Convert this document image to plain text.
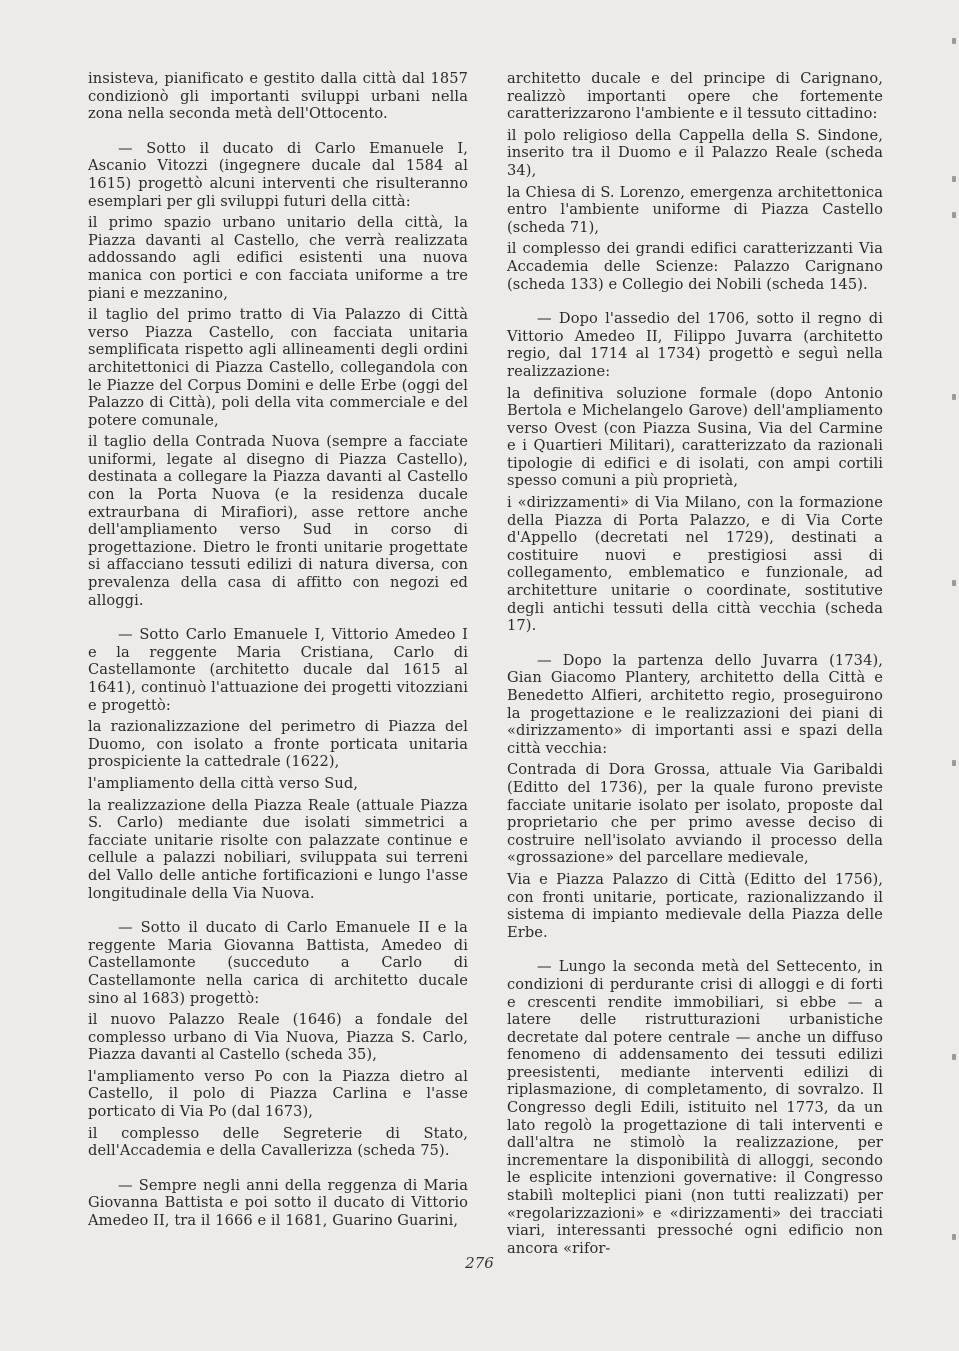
insisteva, pianificato e gestito dalla città dal 1857 condizionò gli importanti sviluppi urbani nella zona nella seconda metà dell'Ottocento.

— Sotto il ducato di Carlo Emanuele I, Ascanio Vitozzi (ingegnere ducale dal 1584 al 1615) progettò alcuni interventi che risulteranno esemplari per gli sviluppi futuri della città:

il primo spazio urbano unitario della città, la Piazza davanti al Castello, che verrà realizzata addossando agli edifici esistenti una nuova manica con portici e con facciata uniforme a tre piani e mezzanino,

il taglio del primo tratto di Via Palazzo di Città verso Piazza Castello, con facciata unitaria semplificata rispetto agli allineamenti degli ordini architettonici di Piazza Castello, collegandola con le Piazze del Corpus Domini e delle Erbe (oggi del Palazzo di Città), poli della vita commerciale e del potere comunale,

il taglio della Contrada Nuova (sempre a facciate uniformi, legate al disegno di Piazza Castello), destinata a collegare la Piazza davanti al Castello con la Porta Nuova (e la residenza ducale extraurbana di Mirafiori), asse rettore anche dell'ampliamento verso Sud in corso di progettazione. Dietro le fronti unitarie progettate si affacciano tessuti edilizi di natura diversa, con prevalenza della casa di affitto con negozi ed alloggi.

— Sotto Carlo Emanuele I, Vittorio Amedeo I e la reggente Maria Cristiana, Carlo di Castellamonte (architetto ducale dal 1615 al 1641), continuò l'attuazione dei progetti vitozziani e progettò:

la razionalizzazione del perimetro di Piazza del Duomo, con isolato a fronte porticata unitaria prospiciente la cattedrale (1622),

l'ampliamento della città verso Sud,

la realizzazione della Piazza Reale (attuale Piazza S. Carlo) mediante due isolati simmetrici a facciate unitarie risolte con palazzate continue e cellule a palazzi nobiliari, sviluppata sui terreni del Vallo delle antiche fortificazioni e lungo l'asse longitudinale della Via Nuova.

— Sotto il ducato di Carlo Emanuele II e la reggente Maria Giovanna Battista, Amedeo di Castellamonte (succeduto a Carlo di Castellamonte nella carica di architetto ducale sino al 1683) progettò:

il nuovo Palazzo Reale (1646) a fondale del complesso urbano di Via Nuova, Piazza S. Carlo, Piazza davanti al Castello (scheda 35),

l'ampliamento verso Po con la Piazza dietro al Castello, il polo di Piazza Carlina e l'asse porticato di Via Po (dal 1673),

il complesso delle Segreterie di Stato, dell'Accademia e della Cavallerizza (scheda 75).

— Sempre negli anni della reggenza di Maria Giovanna Battista e poi sotto il ducato di Vittorio Amedeo II, tra il 1666 e il 1681, Guarino Guarini,

architetto ducale e del principe di Carignano, realizzò importanti opere che fortemente caratterizzarono l'ambiente e il tessuto cittadino:

il polo religioso della Cappella della S. Sindone, inserito tra il Duomo e il Palazzo Reale (scheda 34),

la Chiesa di S. Lorenzo, emergenza architettonica entro l'ambiente uniforme di Piazza Castello (scheda 71),

il complesso dei grandi edifici caratterizzanti Via Accademia delle Scienze: Palazzo Carignano (scheda 133) e Collegio dei Nobili (scheda 145).

— Dopo l'assedio del 1706, sotto il regno di Vittorio Amedeo II, Filippo Juvarra (architetto regio, dal 1714 al 1734) progettò e seguì nella realizzazione:

la definitiva soluzione formale (dopo Antonio Bertola e Michelangelo Garove) dell'ampliamento verso Ovest (con Piazza Susina, Via del Carmine e i Quartieri Militari), caratterizzato da razionali tipologie di edifici e di isolati, con ampi cortili spesso comuni a più proprietà,

i «dirizzamenti» di Via Milano, con la formazione della Piazza di Porta Palazzo, e di Via Corte d'Appello (decretati nel 1729), destinati a costituire nuovi e prestigiosi assi di collegamento, emblematico e funzionale, ad architetture unitarie o coordinate, sostitutive degli antichi tessuti della città vecchia (scheda 17).

— Dopo la partenza dello Juvarra (1734), Gian Giacomo Plantery, architetto della Città e Benedetto Alfieri, architetto regio, proseguirono la progettazione e le realizzazioni dei piani di «dirizzamento» di importanti assi e spazi della città vecchia:

Contrada di Dora Grossa, attuale Via Garibaldi (Editto del 1736), per la quale furono previste facciate unitarie isolato per isolato, proposte dal proprietario che per primo avesse deciso di costruire nell'isolato avviando il processo della «grossazione» del parcellare medievale,

Via e Piazza Palazzo di Città (Editto del 1756), con fronti unitarie, porticate, razionalizzando il sistema di impianto medievale della Piazza delle Erbe.

— Lungo la seconda metà del Settecento, in condizioni di perdurante crisi di alloggi e di forti e crescenti rendite immobiliari, si ebbe — a latere delle ristrutturazioni urbanistiche decretate dal potere centrale — anche un diffuso fenomeno di addensamento dei tessuti edilizi preesistenti, mediante interventi edilizi di riplasmazione, di completamento, di sovralzo. Il Congresso degli Edili, istituito nel 1773, da un lato regolò la progettazione di tali interventi e dall'altra ne stimolò la realizzazione, per incrementare la disponibilità di alloggi, secondo le esplicite intenzioni governative: il Congresso stabilì molteplici piani (non tutti realizzati) per «regolarizzazioni» e «dirizzamenti» dei tracciati viari, interessanti pressoché ogni edificio non ancora «rifor-

276
